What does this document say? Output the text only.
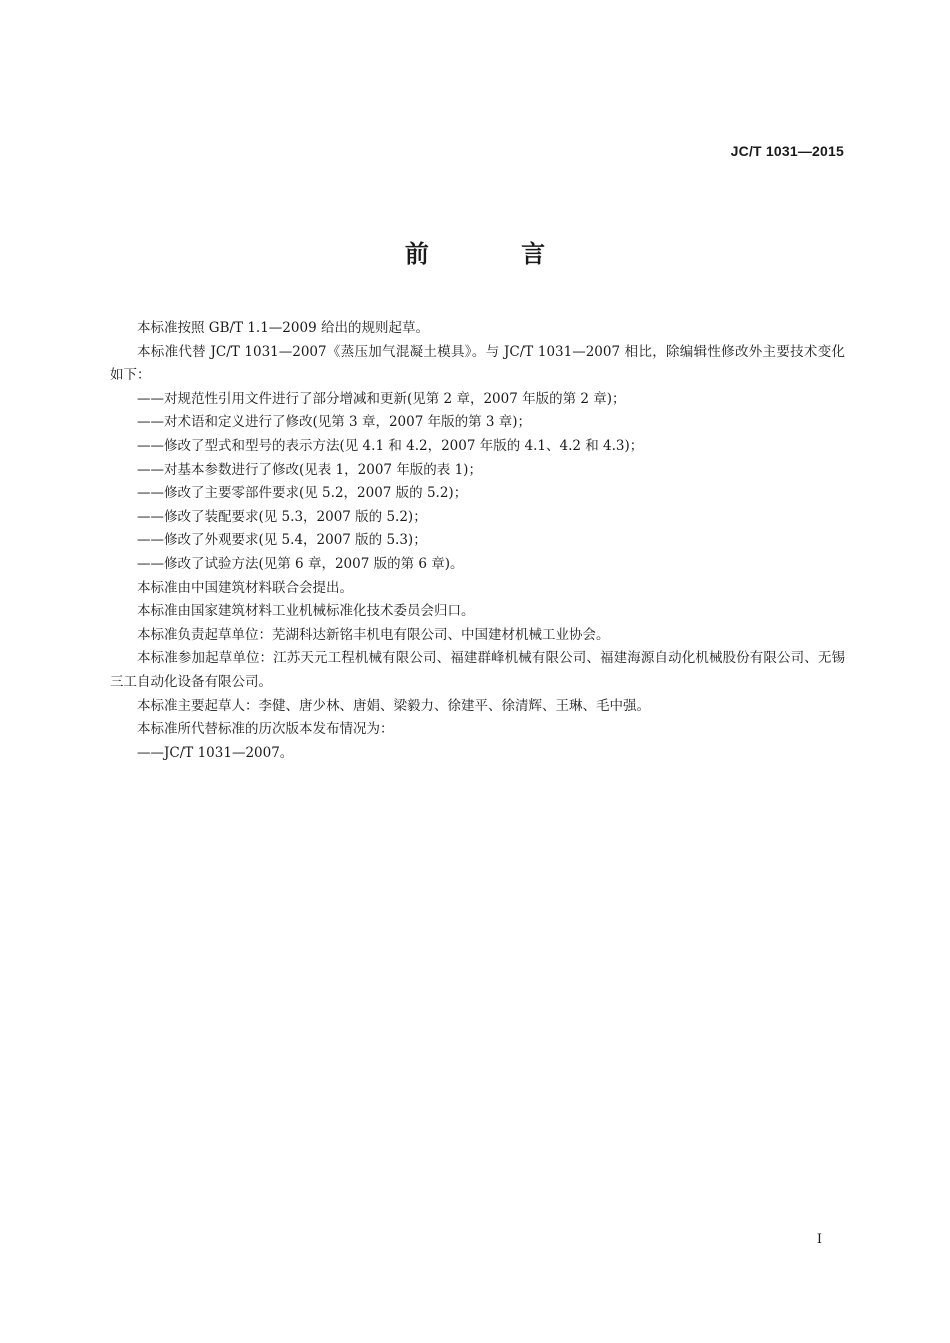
JC/T 1031—2015
前 言

本标准按照 GB/T 1.1—2009 给出的规则起草。

本标准代替 JC/T 1031—2007《蒸压加气混凝土模具》。与 JC/T 1031—2007 相比，除编辑性修改外主要技术变化如下：

——对规范性引用文件进行了部分增减和更新(见第 2 章，2007 年版的第 2 章)；

——对术语和定义进行了修改(见第 3 章，2007 年版的第 3 章)；

——修改了型式和型号的表示方法(见 4.1 和 4.2，2007 年版的 4.1、4.2 和 4.3)；

——对基本参数进行了修改(见表 1，2007 年版的表 1)；

——修改了主要零部件要求(见 5.2，2007 版的 5.2)；

——修改了装配要求(见 5.3，2007 版的 5.2)；

——修改了外观要求(见 5.4，2007 版的 5.3)；

——修改了试验方法(见第 6 章，2007 版的第 6 章)。

本标准由中国建筑材料联合会提出。

本标准由国家建筑材料工业机械标准化技术委员会归口。

本标准负责起草单位：芜湖科达新铭丰机电有限公司、中国建材机械工业协会。

本标准参加起草单位：江苏天元工程机械有限公司、福建群峰机械有限公司、福建海源自动化机械股份有限公司、无锡三工自动化设备有限公司。

本标准主要起草人：李健、唐少林、唐娟、梁毅力、徐建平、徐清辉、王琳、毛中强。

本标准所代替标准的历次版本发布情况为：

——JC/T 1031—2007。

I
